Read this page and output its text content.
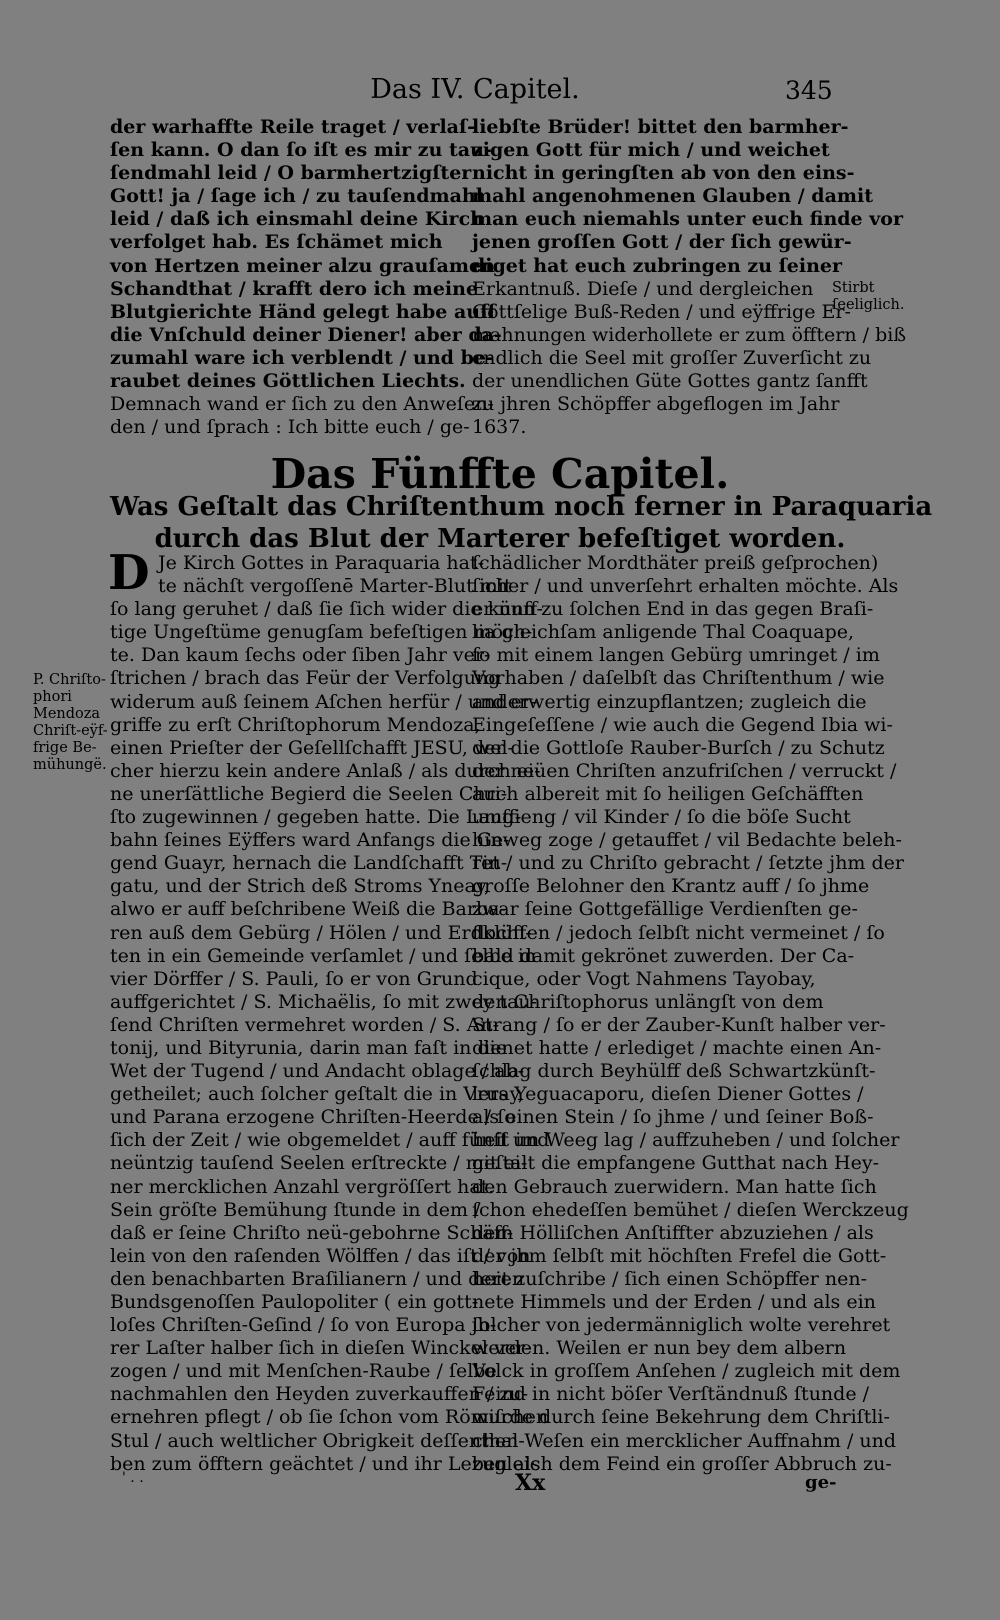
Das IV. Capitel.	345
der warhaffte Reile traget / verlaſ-
ſen kann. O dan ſo iſt es mir zu tau-
ſendmahl leid / O barmhertzigſter
Gott! ja / ſage ich / zu tauſendmahl
leid / daß ich einsmahl deine Kirch
verfolget hab. Es ſchämet mich
von Hertzen meiner alzu grauſamen
Schandthat / krafft dero ich meine
Blutgierichte Händ gelegt habe auff
die Vnſchuld deiner Diener! aber da-
zumahl ware ich verblendt / und be-
raubet deines Göttlichen Liechts.
Demnach wand er ſich zu den Anweſen-
den / und ſprach : Ich bitte euch / ge-
liebſte Brüder! bittet den barmher-
zigen Gott für mich / und weichet
nicht in geringſten ab von den eins-
mahl angenohmenen Glauben / damit
man euch niemahls unter euch finde vor
jenen groſſen Gott / der ſich gewür-
diget hat euch zubringen zu ſeiner
Erkantnuß. Dieſe / und dergleichen
Gottſelige Buß-Reden / und eÿffrige Er-
mahnungen widerhollete er zum öfftern / biß
endlich die Seel mit groſſer Zuverſicht zu
der unendlichen Güte Gottes gantz ſanfft
zu jhren Schöpffer abgeflogen im Jahr
1637.
Stirbt
ſeeliglich.
Das Fünffte Capitel.
Was Geſtalt das Chriſtenthum noch ferner in Paraquaria
durch das Blut der Marterer befeſtiget worden.
D
P. Chriſto-
phori
Mendoza
Chriſt-eÿf-
frige Be-
mühungë.
Je Kirch Gottes in Paraquaria hat-
te nächſt vergoſſenē Marter-Blut mit
ſo lang geruhet / daß ſie ſich wider die künff-
tige Ungeſtüme genugſam befeſtigen möch-
te. Dan kaum ſechs oder ſiben Jahr ver-
ſtrichen / brach das Feür der Verfolgung
widerum auß ſeinem Aſchen herfür / und er-
griffe zu erſt Chriſtophorum Mendoza,
einen Prieſter der Geſellſchafft JESU, wel-
cher hierzu kein andere Anlaß / als durch ei-
ne unerſättliche Begierd die Seelen Chri-
ſto zugewinnen / gegeben hatte. Die Lauff-
bahn ſeines Eÿffers ward Anfangs die Ge-
gend Guayr, hernach die Landſchafft Tin-
gatu, und der Strich deß Stroms Yneay,
alwo er auff beſchribene Weiß die Barba-
ren auß dem Gebürg / Hölen / und Erdklüff-
ten in ein Gemeinde verſamlet / und ſelbe in
vier Dörffer / S. Pauli, ſo er von Grund
auffgerichtet / S. Michaëlis, ſo mit zwey tau-
ſend Chriſten vermehret worden / S. An-
tonij, und Bityrunia, darin man faſt in die
Wet der Tugend / und Andacht oblage / ab-
getheilet; auch ſolcher geſtalt die in Vruay,
und Parana erzogene Chriſten-Heerde / ſo
ſich der Zeit / wie obgemeldet / auff fünff und
neüntzig tauſend Seelen erſtreckte / mit ei-
ner mercklichen Anzahl vergröſſert hat.
Sein gröſte Bemühung ſtunde in dem /
daß er ſeine Chriſto neü-gebohrne Schäff-
lein von den raſenden Wölffen / das iſt / von
den benachbarten Braſilianern / und deren
Bundsgenoſſen Paulopoliter ( ein gott-
loſes Chriſten-Geſind / ſo von Europa jh-
rer Laſter halber ſich in dieſen Winckel ver-
zogen / und mit Menſchen-Raube / ſelbe
nachmahlen den Heyden zuverkauffen / zu-
ernehren pflegt / ob ſie ſchon vom Römiſchen
Stul / auch weltlicher Obrigkeit deſſenthal-
ben zum öfftern geächtet / und ihr Leben als
ſchädlicher Mordthäter preiß geſprochen)
ſicher / und unverſehrt erhalten möchte. Als
er nun zu ſolchen End in das gegen Braſi-
lia gleichſam anligende Thal Coaquape,
ſo mit einem langen Gebürg umringet / im
Vorhaben / daſelbſt das Chriſtenthum / wie
anderwertig einzupflantzen; zugleich die
Eingeſeſſene / wie auch die Gegend Ibia wi-
der die Gottloſe Rauber-Burſch / zu Schutz
der neüen Chriſten anzufriſchen / verruckt /
auch albereit mit ſo heiligen Geſchäfften
umgieng / vil Kinder / ſo die böſe Sucht
hinweg zoge / getauffet / vil Bedachte beleh-
ret / und zu Chriſto gebracht / ſetzte jhm der
groſſe Belohner den Krantz auff / ſo jhme
zwar ſeine Gottgefällige Verdienſten ge-
flochten / jedoch ſelbſt nicht vermeinet / ſo
bald damit gekrönet zuwerden. Der Ca-
cique, oder Vogt Nahmens Tayobay,
den Chriſtophorus unlängſt von dem
Strang / ſo er der Zauber-Kunſt halber ver-
dienet hatte / erlediget / machte einen An-
ſchlag durch Beyhülff deß Schwartzkünſt-
lers Yeguacaporu, dieſen Diener Gottes /
als einen Stein / ſo jhme / und ſeiner Boß-
heit im Weeg lag / auffzuheben / und ſolcher
geſtalt die empfangene Gutthat nach Hey-
den Gebrauch zuerwidern. Man hatte ſich
ſchon ehedeſſen bemühet / dieſen Werckzeug
dem Hölliſchen Anſtiffter abzuziehen / als
der jhm ſelbſt mit höchſten Frefel die Gott-
heit zuſchribe / ſich einen Schöpffer nen-
nete Himmels und der Erden / und als ein
ſolcher von jedermänniglich wolte verehret
werden. Weilen er nun bey dem albern
Volck in groſſem Anſehen / zugleich mit dem
Feind in nicht böſer Verſtändnuß ſtunde /
wurde durch ſeine Bekehrung dem Chriſtli-
chen Weſen ein mercklicher Auffnahm / und
zugleich dem Feind ein groſſer Abbruch zu-
' . .	Xx	ge-
